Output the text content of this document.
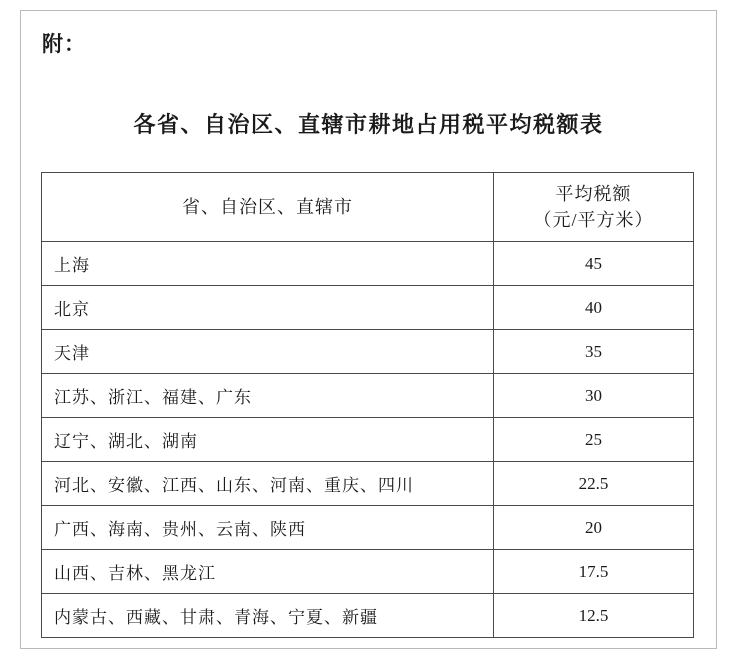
附：
各省、自治区、直辖市耕地占用税平均税额表
省、自治区、直辖市	平均税额
（元/平方米）

上海	45
北京	40
天津	35
江苏、浙江、福建、广东	30
辽宁、湖北、湖南	25
河北、安徽、江西、山东、河南、重庆、四川	22.5
广西、海南、贵州、云南、陕西	20
山西、吉林、黑龙江	17.5
内蒙古、西藏、甘肃、青海、宁夏、新疆	12.5
